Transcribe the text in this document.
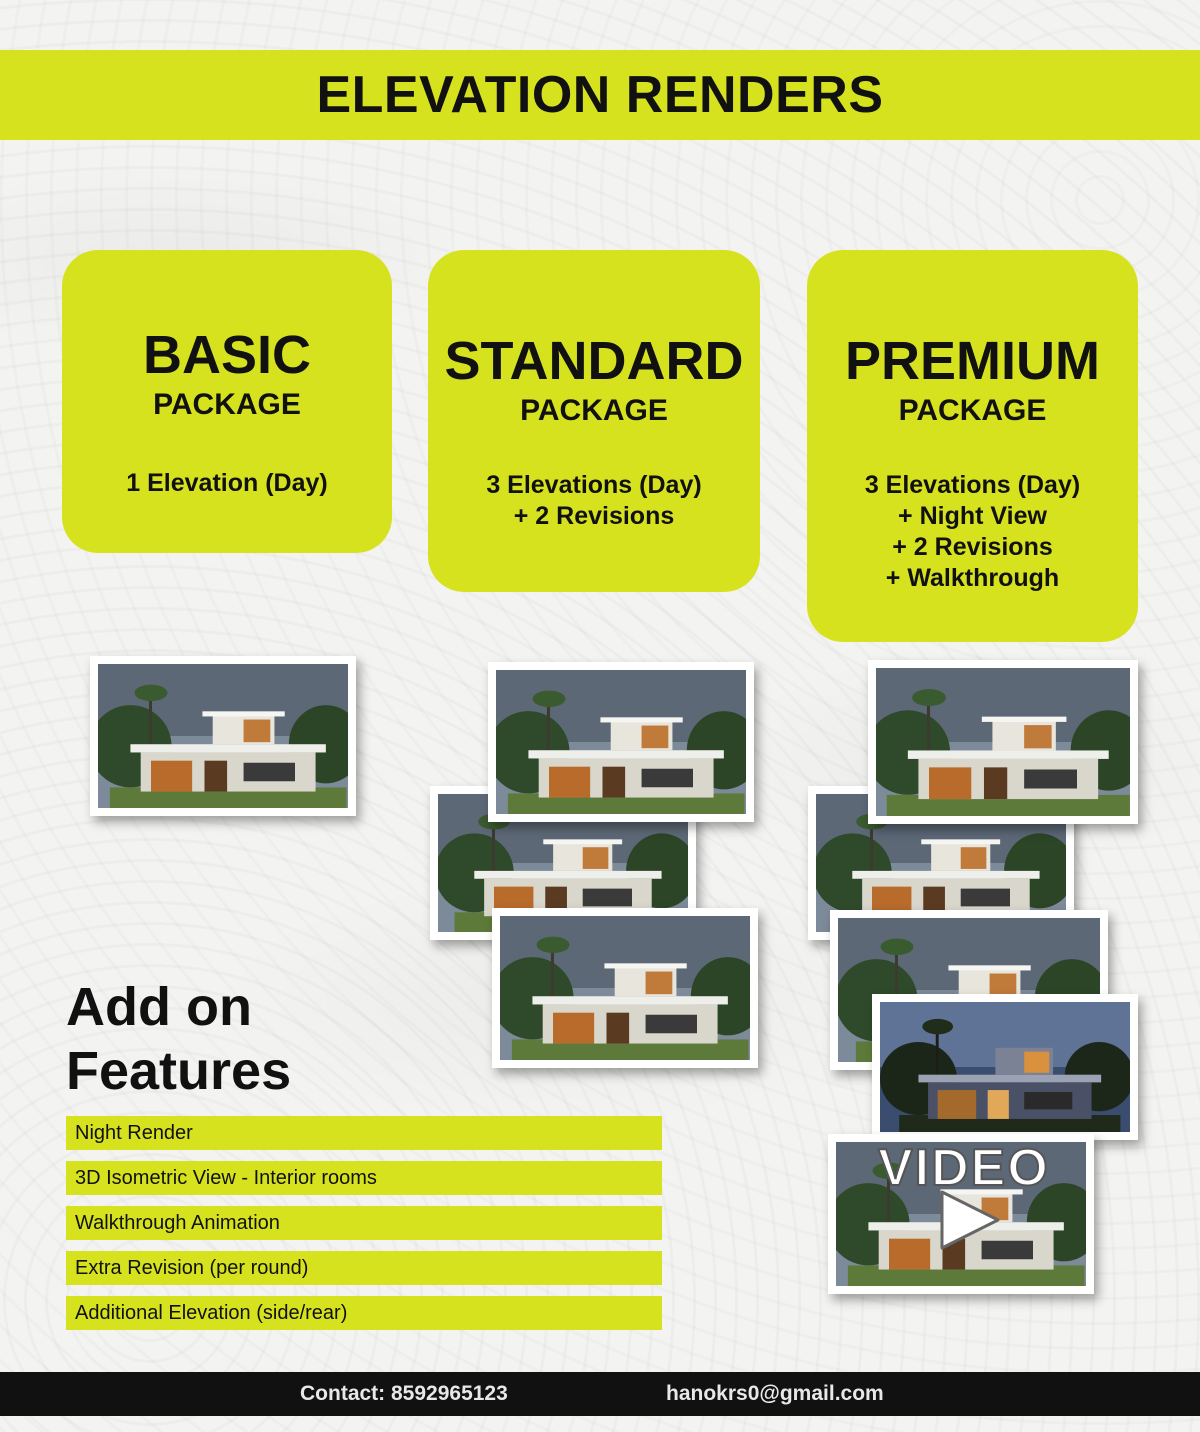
ELEVATION RENDERS
BASIC
PACKAGE
1 Elevation (Day)
STANDARD
PACKAGE
3 Elevations (Day)
+ 2 Revisions
PREMIUM
PACKAGE
3 Elevations (Day)
+ Night View
+ 2 Revisions
+ Walkthrough
VIDEO
Add on
Features
Night Render
3D Isometric View - Interior rooms
Walkthrough Animation
Extra Revision (per round)
Additional Elevation (side/rear)
Contact: 8592965123	hanokrs0@gmail.com
